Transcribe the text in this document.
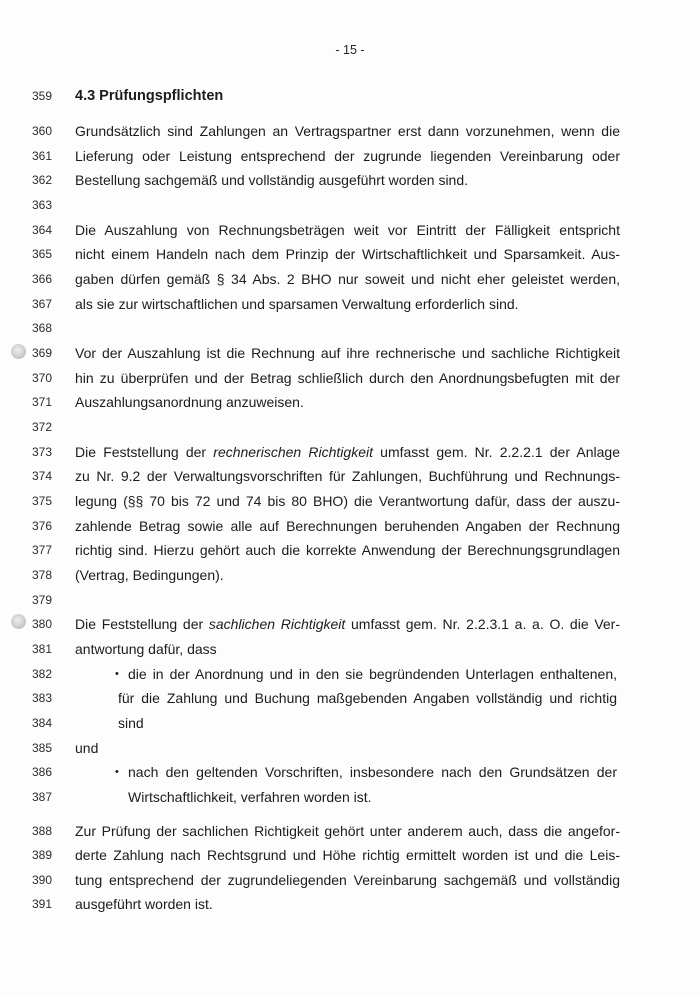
- 15 -
359 4.3 Prüfungspflichten
360 Grundsätzlich sind Zahlungen an Vertragspartner erst dann vorzunehmen, wenn die
361 Lieferung oder Leistung entsprechend der zugrunde liegenden Vereinbarung oder
362 Bestellung sachgemäß und vollständig ausgeführt worden sind.
363
364 Die Auszahlung von Rechnungsbeträgen weit vor Eintritt der Fälligkeit entspricht
365 nicht einem Handeln nach dem Prinzip der Wirtschaftlichkeit und Sparsamkeit. Aus-
366 gaben dürfen gemäß § 34 Abs. 2 BHO nur soweit und nicht eher geleistet werden,
367 als sie zur wirtschaftlichen und sparsamen Verwaltung erforderlich sind.
368
369 Vor der Auszahlung ist die Rechnung auf ihre rechnerische und sachliche Richtigkeit
370 hin zu überprüfen und der Betrag schließlich durch den Anordnungsbefugten mit der
371 Auszahlungsanordnung anzuweisen.
372
373 Die Feststellung der rechnerischen Richtigkeit umfasst gem. Nr. 2.2.2.1 der Anlage
374 zu Nr. 9.2 der Verwaltungsvorschriften für Zahlungen, Buchführung und Rechnungs-
375 legung (§§ 70 bis 72 und 74 bis 80 BHO) die Verantwortung dafür, dass der auszu-
376 zahlende Betrag sowie alle auf Berechnungen beruhenden Angaben der Rechnung
377 richtig sind. Hierzu gehört auch die korrekte Anwendung der Berechnungsgrundlagen
378 (Vertrag, Bedingungen).
379
380 Die Feststellung der sachlichen Richtigkeit umfasst gem. Nr. 2.2.3.1 a. a. O. die Ver-
381 antwortung dafür, dass
382	• die in der Anordnung und in den sie begründenden Unterlagen enthaltenen,
383	für die Zahlung und Buchung maßgebenden Angaben vollständig und richtig
384	sind
385 und
386	• nach den geltenden Vorschriften, insbesondere nach den Grundsätzen der
387	Wirtschaftlichkeit, verfahren worden ist.
388 Zur Prüfung der sachlichen Richtigkeit gehört unter anderem auch, dass die angefor-
389 derte Zahlung nach Rechtsgrund und Höhe richtig ermittelt worden ist und die Leis-
390 tung entsprechend der zugrundeliegenden Vereinbarung sachgemäß und vollständig
391 ausgeführt worden ist.
